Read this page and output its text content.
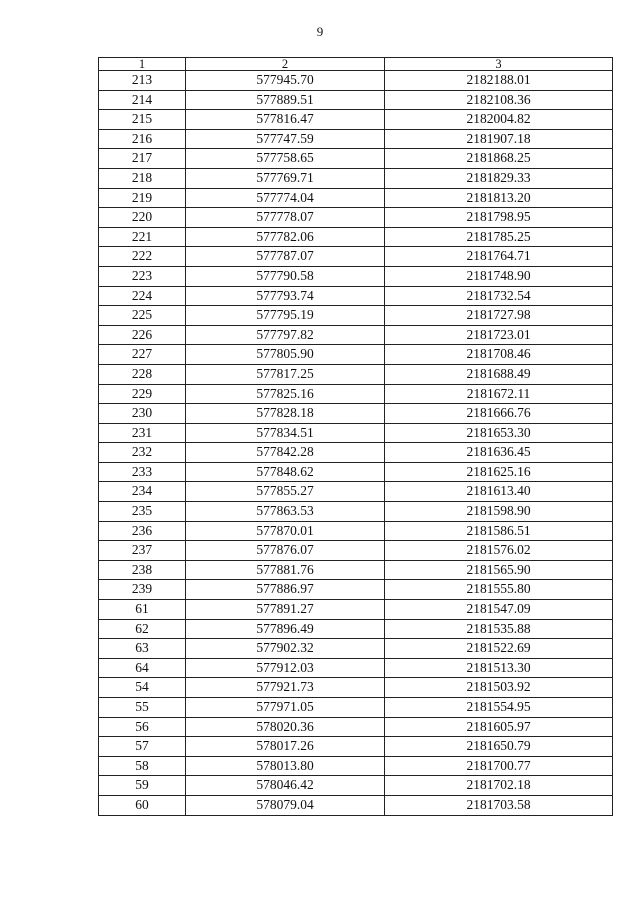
9
1	2	3
213	577945.70	2182188.01
214	577889.51	2182108.36
215	577816.47	2182004.82
216	577747.59	2181907.18
217	577758.65	2181868.25
218	577769.71	2181829.33
219	577774.04	2181813.20
220	577778.07	2181798.95
221	577782.06	2181785.25
222	577787.07	2181764.71
223	577790.58	2181748.90
224	577793.74	2181732.54
225	577795.19	2181727.98
226	577797.82	2181723.01
227	577805.90	2181708.46
228	577817.25	2181688.49
229	577825.16	2181672.11
230	577828.18	2181666.76
231	577834.51	2181653.30
232	577842.28	2181636.45
233	577848.62	2181625.16
234	577855.27	2181613.40
235	577863.53	2181598.90
236	577870.01	2181586.51
237	577876.07	2181576.02
238	577881.76	2181565.90
239	577886.97	2181555.80
61	577891.27	2181547.09
62	577896.49	2181535.88
63	577902.32	2181522.69
64	577912.03	2181513.30
54	577921.73	2181503.92
55	577971.05	2181554.95
56	578020.36	2181605.97
57	578017.26	2181650.79
58	578013.80	2181700.77
59	578046.42	2181702.18
60	578079.04	2181703.58
